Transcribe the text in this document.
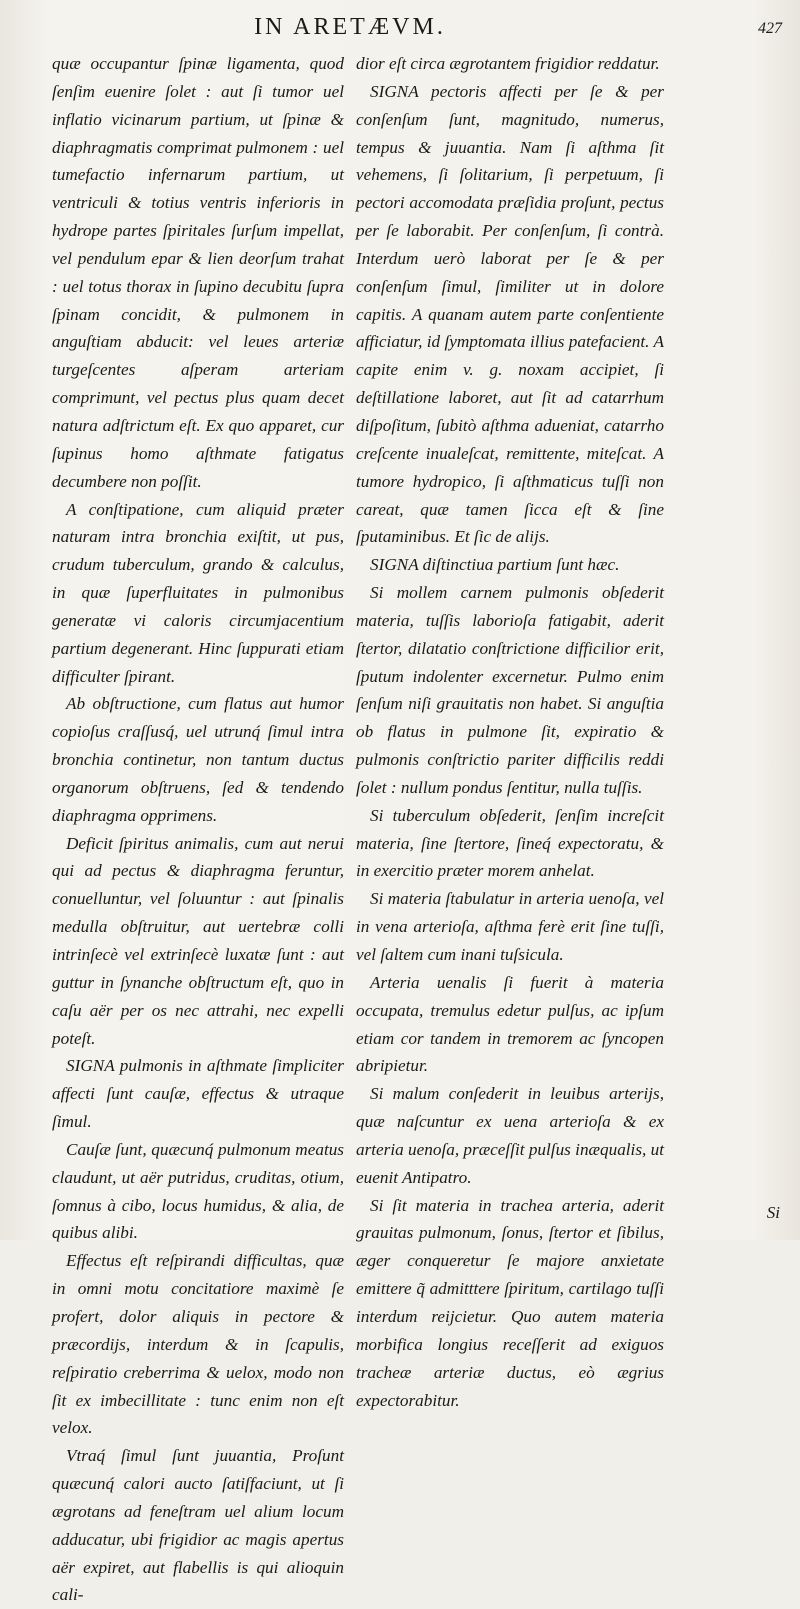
IN ARETÆVM.	427

quæ occupantur ſpinæ ligamenta, quod ſenſim euenire ſolet : aut ſi tumor uel inflatio vicinarum partium, ut ſpinæ & diaphragmatis comprimat pulmonem : uel tumefactio infernarum partium, ut ventriculi & totius ventris inferioris in hydrope partes ſpiritales ſurſum impellat, vel pendulum epar & lien deorſum trahat : uel totus thorax in ſupino decubitu ſupra ſpinam concidit, & pulmonem in anguſtiam abducit: vel leues arteriæ turgeſcentes aſperam arteriam comprimunt, vel pectus plus quam decet natura adſtrictum eſt. Ex quo apparet, cur ſupinus homo aſthmate fatigatus decumbere non poſſit.

A conſtipatione, cum aliquid præter naturam intra bronchia exiſtit, ut pus, crudum tuberculum, grando & calculus, in quæ ſuperfluitates in pulmonibus generatæ vi caloris circumjacentium partium degenerant. Hinc ſuppurati etiam difficulter ſpirant.

Ab obſtructione, cum flatus aut humor copioſus craſſusq́, uel utrunq́ ſimul intra bronchia continetur, non tantum ductus organorum obſtruens, ſed & tendendo diaphragma opprimens.

Deficit ſpiritus animalis, cum aut nerui qui ad pectus & diaphragma feruntur, conuelluntur, vel ſoluuntur : aut ſpinalis medulla obſtruitur, aut uertebræ colli intrinſecè vel extrinſecè luxatæ ſunt : aut guttur in ſynanche obſtructum eſt, quo in caſu aër per os nec attrahi, nec expelli poteſt.

SIGNA pulmonis in aſthmate ſimpliciter affecti ſunt cauſæ, effectus & utraque ſimul.

Cauſæ ſunt, quæcunq́ pulmonum meatus claudunt, ut aër putridus, cruditas, otium, ſomnus à cibo, locus humidus, & alia, de quibus alibi.

Effectus eſt reſpirandi difficultas, quæ in omni motu concitatiore maximè ſe profert, dolor aliquis in pectore & præcordijs, interdum & in ſcapulis, reſpiratio creberrima & uelox, modo non ſit ex imbecillitate : tunc enim non eſt velox.

Vtraq́ ſimul ſunt juuantia, Proſunt quæcunq́ calori aucto ſatiſfaciunt, ut ſi ægrotans ad feneſtram uel alium locum adducatur, ubi frigidior ac magis apertus aër expiret, aut flabellis is qui alioquin cali-

dior eſt circa ægrotantem frigidior reddatur.

SIGNA pectoris affecti per ſe & per conſenſum ſunt, magnitudo, numerus, tempus & juuantia. Nam ſi aſthma ſit vehemens, ſi ſolitarium, ſi perpetuum, ſi pectori accomodata præſidia proſunt, pectus per ſe laborabit. Per conſenſum, ſi contrà. Interdum uerò laborat per ſe & per conſenſum ſimul, ſimiliter ut in dolore capitis. A quanam autem parte conſentiente afficiatur, id ſymptomata illius patefacient. A capite enim v. g. noxam accipiet, ſi deſtillatione laboret, aut ſit ad catarrhum diſpoſitum, ſubitò aſthma adueniat, catarrho creſcente inualeſcat, remittente, miteſcat. A tumore hydropico, ſi aſthmaticus tuſſi non careat, quæ tamen ſicca eſt & ſine ſputaminibus. Et ſic de alijs.

SIGNA diſtinctiua partium ſunt hæc.

Si mollem carnem pulmonis obſederit materia, tuſſis laborioſa fatigabit, aderit ſtertor, dilatatio conſtrictione difficilior erit, ſputum indolenter excernetur. Pulmo enim ſenſum niſi grauitatis non habet. Si anguſtia ob flatus in pulmone ſit, expiratio & pulmonis conſtrictio pariter difficilis reddi ſolet : nullum pondus ſentitur, nulla tuſſis.

Si tuberculum obſederit, ſenſim increſcit materia, ſine ſtertore, ſineq́ expectoratu, & in exercitio præter morem anhelat.

Si materia ſtabulatur in arteria uenoſa, vel in vena arterioſa, aſthma ferè erit ſine tuſſi, vel ſaltem cum inani tuſsicula.

Arteria uenalis ſi fuerit à materia occupata, tremulus edetur pulſus, ac ipſum etiam cor tandem in tremorem ac ſyncopen abripietur.

Si malum conſederit in leuibus arterijs, quæ naſcuntur ex uena arterioſa & ex arteria uenoſa, præceſſit pulſus inæqualis, ut euenit Antipatro.

Si ſit materia in trachea arteria, aderit grauitas pulmonum, ſonus, ſtertor et ſibilus, æger conqueretur ſe majore anxietate emittere q̃ admitttere ſpiritum, cartilago tuſſi interdum reijcietur. Quo autem materia morbifica longius receſſerit ad exiguos tracheæ arteriæ ductus, eò ægrius expectorabitur.

Si
